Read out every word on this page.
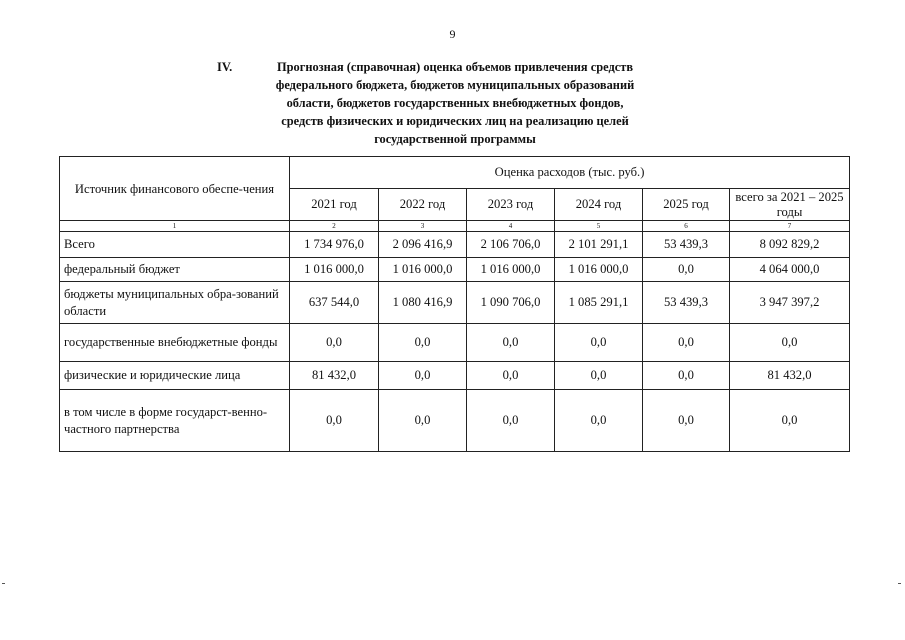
9
IV.	Прогнозная (справочная) оценка объемов привлечения средств
федерального бюджета, бюджетов муниципальных образований
области, бюджетов государственных внебюджетных фондов,
средств физических и юридических лиц на реализацию целей
государственной программы
Источник финансового обеспе-чения	Оценка расходов (тыс. руб.)					
	2021 год	2022 год	2023 год	2024 год	2025 год	всего за 2021 – 2025 годы
1	2	3	4	5	6	7
Всего	1 734 976,0	2 096 416,9	2 106 706,0	2 101 291,1	53 439,3	8 092 829,2
федеральный бюджет	1 016 000,0	1 016 000,0	1 016 000,0	1 016 000,0	0,0	4 064 000,0
бюджеты муниципальных обра-зований области	637 544,0	1 080 416,9	1 090 706,0	1 085 291,1	53 439,3	3 947 397,2
государственные внебюджетные фонды	0,0	0,0	0,0	0,0	0,0	0,0
физические и юридические лица	81 432,0	0,0	0,0	0,0	0,0	81 432,0
в том числе в форме государст-венно-частного партнерства	0,0	0,0	0,0	0,0	0,0	0,0
